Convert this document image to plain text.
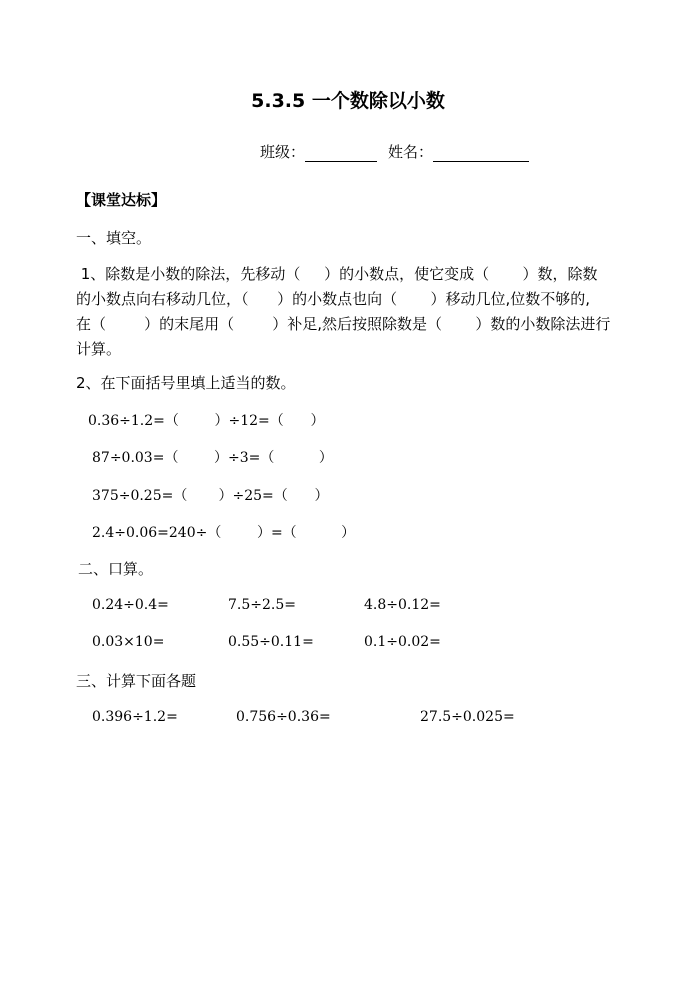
5.3.5 一个数除以小数
班级：	姓名：
【课堂达标】
一、填空。
1、除数是小数的除法，先移动（     ）的小数点，使它变成（       ）数，除数
的小数点向右移动几位，（      ）的小数点也向（       ）移动几位,位数不够的,
在（        ）的末尾用（        ）补足,然后按照除数是（       ）数的小数除法进行
计算。
2、在下面括号里填上适当的数。
0.36÷1.2=（        ）÷12=（      ）
87÷0.03=（        ）÷3=（          ）
375÷0.25=（       ）÷25=（      ）
2.4÷0.06=240÷（        ）=（          ）
二、口算。
0.24÷0.4=	7.5÷2.5=	4.8÷0.12=
0.03×10=	0.55÷0.11=	0.1÷0.02=
三、计算下面各题
0.396÷1.2=	0.756÷0.36=	27.5÷0.025=
